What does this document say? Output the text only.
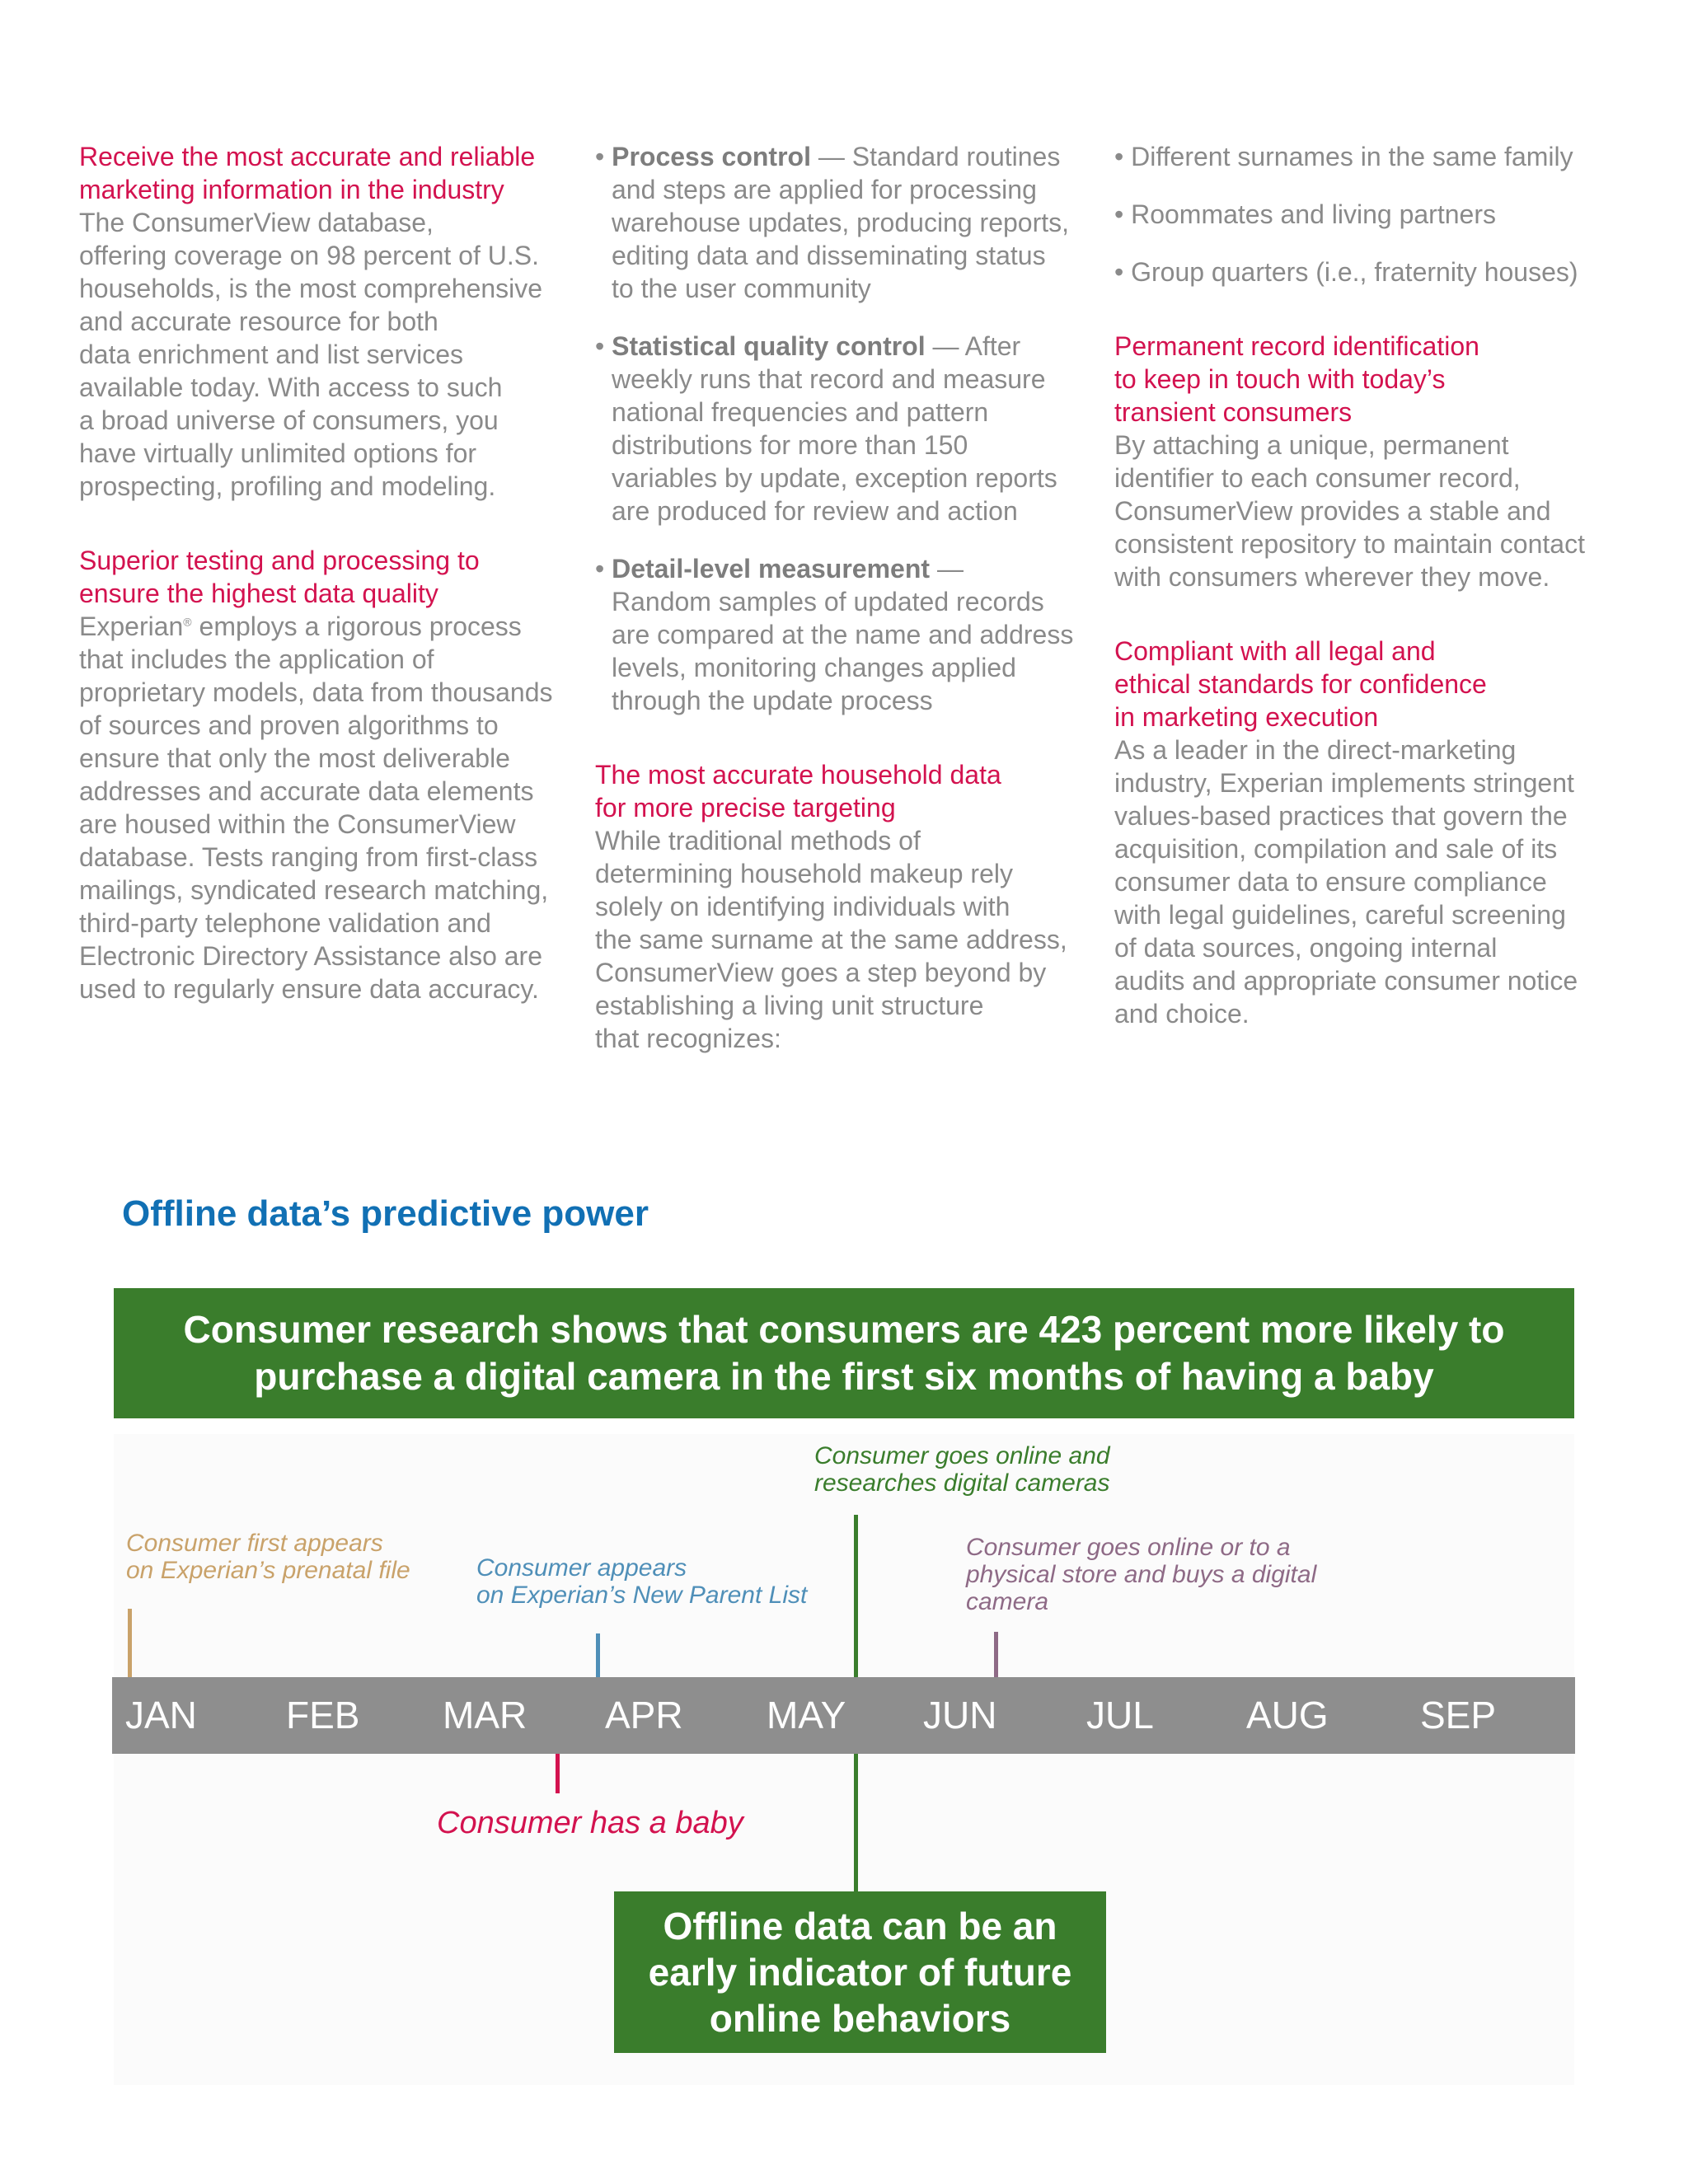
Receive the most accurate and reliable
marketing information in the industry
The ConsumerView database,
offering coverage on 98 percent of U.S.
households, is the most comprehensive
and accurate resource for both
data enrichment and list services
available today. With access to such
a broad universe of consumers, you
have virtually unlimited options for
prospecting, profiling and modeling.
Superior testing and processing to
ensure the highest data quality
Experian® employs a rigorous process
that includes the application of
proprietary models, data from thousands
of sources and proven algorithms to
ensure that only the most deliverable
addresses and accurate data elements
are housed within the ConsumerView
database. Tests ranging from first-class
mailings, syndicated research matching,
third-party telephone validation and
Electronic Directory Assistance also are
used to regularly ensure data accuracy.
• Process control — Standard routines
and steps are applied for processing
warehouse updates, producing reports,
editing data and disseminating status
to the user community
• Statistical quality control — After
weekly runs that record and measure
national frequencies and pattern
distributions for more than 150
variables by update, exception reports
are produced for review and action
• Detail-level measurement —
Random samples of updated records
are compared at the name and address
levels, monitoring changes applied
through the update process
The most accurate household data
for more precise targeting
While traditional methods of
determining household makeup rely
solely on identifying individuals with
the same surname at the same address,
ConsumerView goes a step beyond by
establishing a living unit structure
that recognizes:
• Different surnames in the same family
• Roommates and living partners
• Group quarters (i.e., fraternity houses)
Permanent record identification
to keep in touch with today’s
transient consumers
By attaching a unique, permanent
identifier to each consumer record,
ConsumerView provides a stable and
consistent repository to maintain contact
with consumers wherever they move.
Compliant with all legal and
ethical standards for confidence
in marketing execution
As a leader in the direct-marketing
industry, Experian implements stringent
values-based practices that govern the
acquisition, compilation and sale of its
consumer data to ensure compliance
with legal guidelines, careful screening
of data sources, ongoing internal
audits and appropriate consumer notice
and choice.
Offline data’s predictive power
Consumer research shows that consumers are 423 percent more likely to
purchase a digital camera in the first six months of having a baby
JAN FEB MAR APR MAY JUN JUL AUG SEP
Consumer first appears
on Experian’s prenatal file	Consumer appears
on Experian’s New Parent List
Consumer goes online and
researches digital cameras
Consumer goes online or to a
physical store and buys a digital
camera
Consumer has a baby
Offline data can be an
early indicator of future
online behaviors
